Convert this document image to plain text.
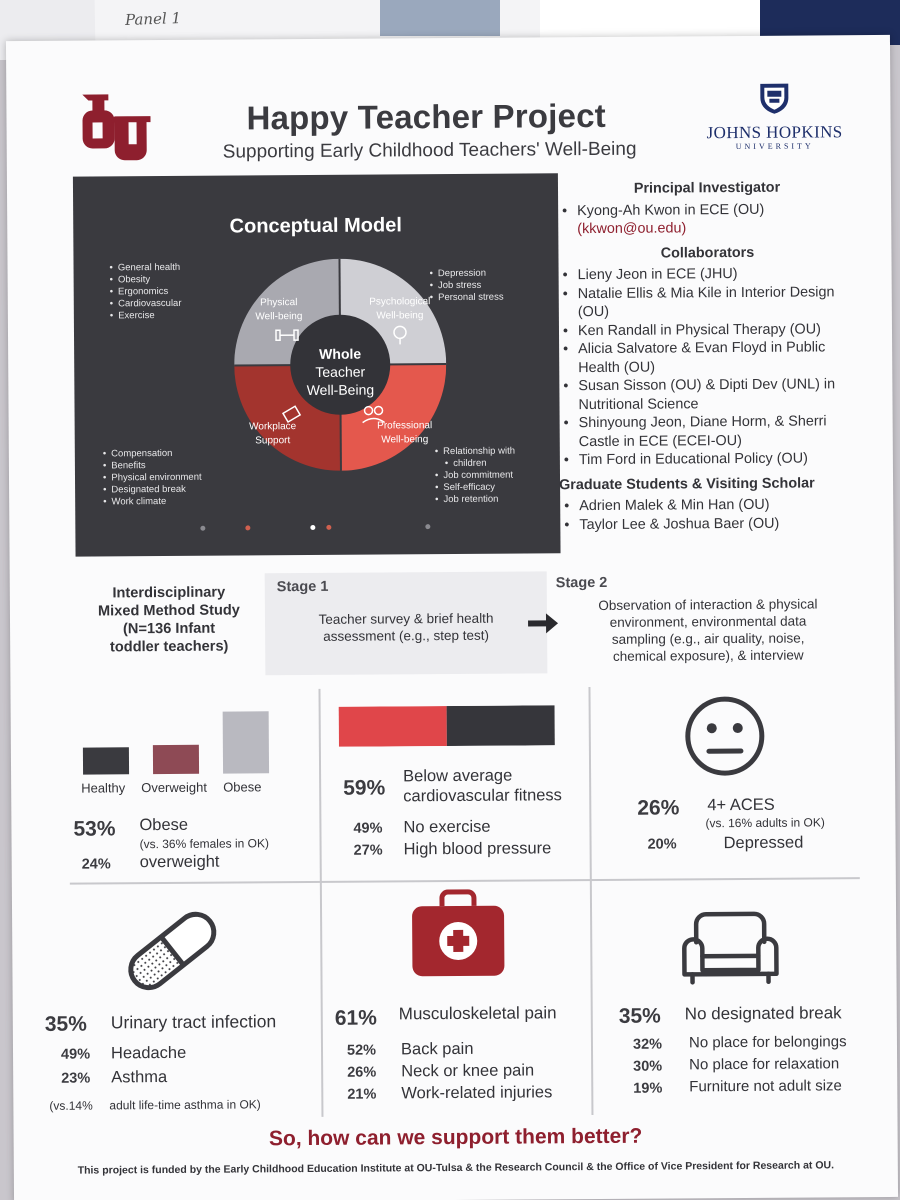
Panel 1
Happy Teacher Project
Supporting Early Childhood Teachers' Well-Being
JOHNS HOPKINS
UNIVERSITY
Conceptual Model
• General health
• Obesity
• Ergonomics
• Cardiovascular
• Exercise
• Depression
• Job stress
• Personal stress
• Compensation
• Benefits
• Physical environment
• Designated break
• Work climate
• Relationship with
• children
• Job commitment
• Self-efficacy
• Job retention
Physical
Well-being
Psychological
Well-being
Workplace
Support
Professional
Well-being
Whole
Teacher
Well-Being
Principal Investigator
• Kyong-Ah Kwon in ECE (OU)
(kkwon@ou.edu)
Collaborators
• Lieny Jeon in ECE (JHU)
• Natalie Ellis & Mia Kile in Interior Design (OU)
• Ken Randall in Physical Therapy (OU)
• Alicia Salvatore & Evan Floyd in Public Health (OU)
• Susan Sisson (OU) & Dipti Dev (UNL) in Nutritional Science
• Shinyoung Jeon, Diane Horm, & Sherri Castle in ECE (ECEI-OU)
• Tim Ford in Educational Policy (OU)
Graduate Students & Visiting Scholar
• Adrien Malek & Min Han (OU)
• Taylor Lee & Joshua Baer (OU)
Interdisciplinary
Mixed Method Study
(N=136 Infant
toddler teachers)
Stage 1
Teacher survey & brief health
assessment (e.g., step test)
Stage 2
Observation of interaction & physical
environment, environmental data
sampling (e.g., air quality, noise,
chemical exposure), & interview
Healthy Overweight Obese
53% Obese
(vs. 36% females in OK)
24% overweight
59%
Below average
cardiovascular fitness
49% No exercise
27% High blood pressure
26% 4+ ACES
(vs. 16% adults in OK)
20%	Depressed
35% Urinary tract infection
49% Headache
23% Asthma
(vs.14% adult life-time asthma in OK)
61% Musculoskeletal pain
52% Back pain
26% Neck or knee pain
21% Work-related injuries
35% No designated break
32% No place for belongings
30% No place for relaxation
19% Furniture not adult size
So, how can we support them better?
This project is funded by the Early Childhood Education Institute at OU-Tulsa & the Research Council & the Office of Vice President for Research at OU.
